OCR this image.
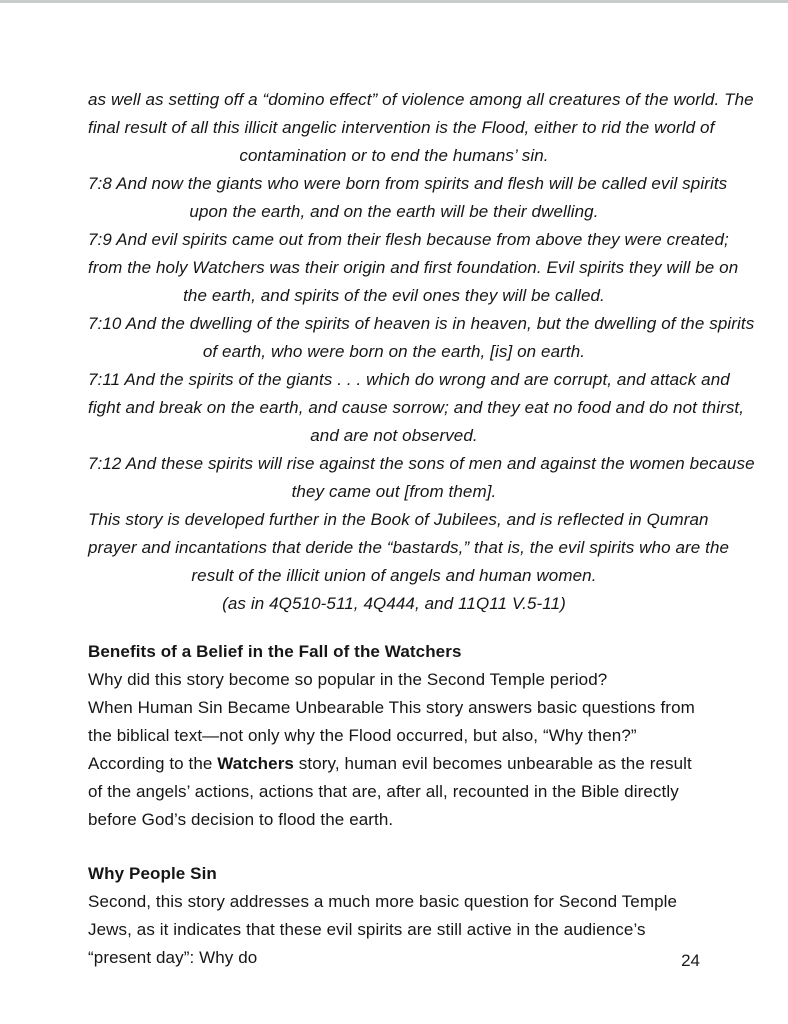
as well as setting off a “domino effect” of violence among all creatures of the world. The
final result of all this illicit angelic intervention is the Flood, either to rid the world of
contamination or to end the humans’ sin.
7:8 And now the giants who were born from spirits and flesh will be called evil spirits
upon the earth, and on the earth will be their dwelling.
7:9 And evil spirits came out from their flesh because from above they were created;
from the holy Watchers was their origin and first foundation. Evil spirits they will be on
the earth, and spirits of the evil ones they will be called.
7:10 And the dwelling of the spirits of heaven is in heaven, but the dwelling of the spirits
of earth, who were born on the earth, [is] on earth.
7:11 And the spirits of the giants . . . which do wrong and are corrupt, and attack and
fight and break on the earth, and cause sorrow; and they eat no food and do not thirst,
and are not observed.
7:12 And these spirits will rise against the sons of men and against the women because
they came out [from them].
This story is developed further in the Book of Jubilees, and is reflected in Qumran
prayer and incantations that deride the “bastards,” that is, the evil spirits who are the
result of the illicit union of angels and human women.
(as in 4Q510-511, 4Q444, and 11Q11 V.5-11)
Benefits of a Belief in the Fall of the Watchers

Why did this story become so popular in the Second Temple period?

When Human Sin Became Unbearable This story answers basic questions from the biblical text—not only why the Flood occurred, but also, “Why then?”

According to the Watchers story, human evil becomes unbearable as the result of the angels’ actions, actions that are, after all, recounted in the Bible directly before God’s decision to flood the earth.

Why People Sin

Second, this story addresses a much more basic question for Second Temple Jews, as it indicates that these evil spirits are still active in the audience’s “present day”: Why do	24
